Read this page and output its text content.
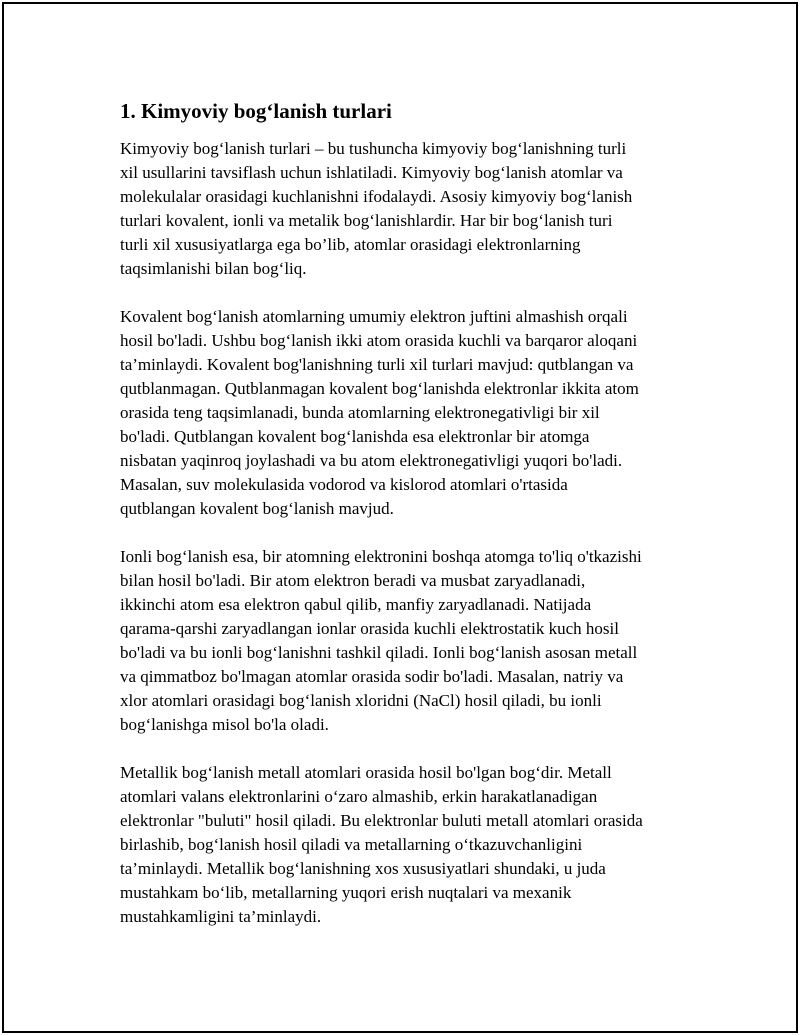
1. Kimyoviy bog‘lanish turlari

Kimyoviy bog‘lanish turlari – bu tushuncha kimyoviy bog‘lanishning turli
xil usullarini tavsiflash uchun ishlatiladi. Kimyoviy bog‘lanish atomlar va
molekulalar orasidagi kuchlanishni ifodalaydi. Asosiy kimyoviy bog‘lanish
turlari kovalent, ionli va metalik bog‘lanishlardir. Har bir bog‘lanish turi
turli xil xususiyatlarga ega bo’lib, atomlar orasidagi elektronlarning
taqsimlanishi bilan bog‘liq.

Kovalent bog‘lanish atomlarning umumiy elektron juftini almashish orqali
hosil bo'ladi. Ushbu bog‘lanish ikki atom orasida kuchli va barqaror aloqani
ta’minlaydi. Kovalent bog'lanishning turli xil turlari mavjud: qutblangan va
qutblanmagan. Qutblanmagan kovalent bog‘lanishda elektronlar ikkita atom
orasida teng taqsimlanadi, bunda atomlarning elektronegativligi bir xil
bo'ladi. Qutblangan kovalent bog‘lanishda esa elektronlar bir atomga
nisbatan yaqinroq joylashadi va bu atom elektronegativligi yuqori bo'ladi.
Masalan, suv molekulasida vodorod va kislorod atomlari o'rtasida
qutblangan kovalent bog‘lanish mavjud.

Ionli bog‘lanish esa, bir atomning elektronini boshqa atomga to'liq o'tkazishi
bilan hosil bo'ladi. Bir atom elektron beradi va musbat zaryadlanadi,
ikkinchi atom esa elektron qabul qilib, manfiy zaryadlanadi. Natijada
qarama-qarshi zaryadlangan ionlar orasida kuchli elektrostatik kuch hosil
bo'ladi va bu ionli bog‘lanishni tashkil qiladi. Ionli bog‘lanish asosan metall
va qimmatboz bo'lmagan atomlar orasida sodir bo'ladi. Masalan, natriy va
xlor atomlari orasidagi bog‘lanish xloridni (NaCl) hosil qiladi, bu ionli
bog‘lanishga misol bo'la oladi.

Metallik bog‘lanish metall atomlari orasida hosil bo'lgan bog‘dir. Metall
atomlari valans elektronlarini o‘zaro almashib, erkin harakatlanadigan
elektronlar "buluti" hosil qiladi. Bu elektronlar buluti metall atomlari orasida
birlashib, bog‘lanish hosil qiladi va metallarning o‘tkazuvchanligini
ta’minlaydi. Metallik bog‘lanishning xos xususiyatlari shundaki, u juda
mustahkam bo‘lib, metallarning yuqori erish nuqtalari va mexanik
mustahkamligini ta’minlaydi.
